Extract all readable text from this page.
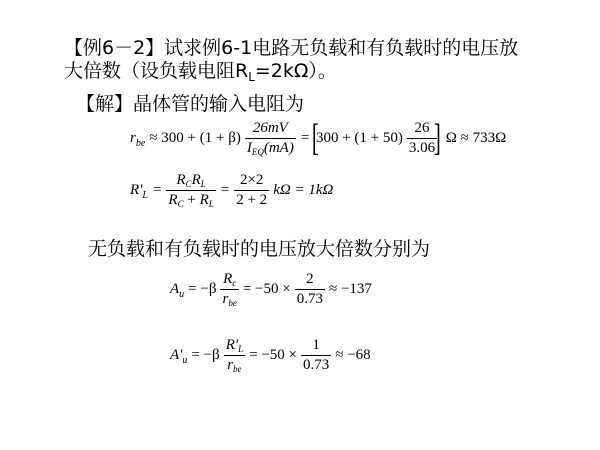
【例6－2】试求例6-1电路无负载和有负载时的电压放
大倍数（设负载电阻$R_L=2k\Omega$）。
【解】晶体管的输入电阻为
$r_{be} \approx 300 + (1 + \beta) \frac{26mV}{I_{EQ}(mA)}$ = [
$300 + (1 + 50) \frac{26}{3.06}$
] Ω ≈ 733Ω
$R'_L = \frac{R_CR_L}{R_C + R_L} = \frac{2\times 2}{2 + 2}$ kΩ = 1kΩ
无负载和有负载时的电压放大倍数分别为
$A_u = -\beta \frac{R_c}{r_{be}} = -50 \times \frac{2}{0.73} \approx -137$
$A'_u = -\beta \frac{R'_L}{r_{be}} = -50 \times \frac{1}{0.73} \approx -68$
